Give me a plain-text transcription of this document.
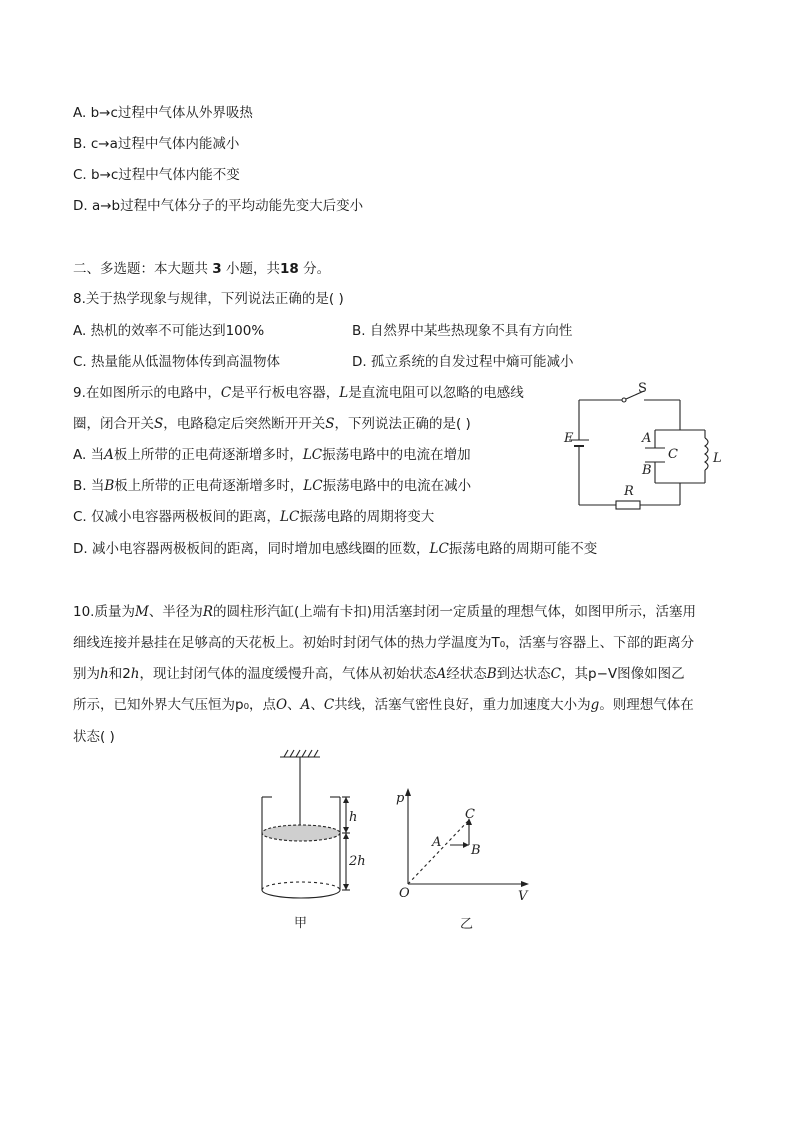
A. b→c过程中气体从外界吸热
B. c→a过程中气体内能减小
C. b→c过程中气体内能不变
D. a→b过程中气体分子的平均动能先变大后变小
二、多选题：本大题共 3 小题，共18 分。
8.关于热学现象与规律，下列说法正确的是( )
A. 热机的效率不可能达到100%	B. 自然界中某些热现象不具有方向性
C. 热量能从低温物体传到高温物体	D. 孤立系统的自发过程中熵可能减小
9.在如图所示的电路中，C是平行板电容器，L是直流电阻可以忽略的电感线
圈，闭合开关S，电路稳定后突然断开开关S，下列说法正确的是( )
A. 当A板上所带的正电荷逐渐增多时，LC振荡电路中的电流在增加
B. 当B板上所带的正电荷逐渐增多时，LC振荡电路中的电流在减小
C. 仅减小电容器两极板间的距离，LC振荡电路的周期将变大
D. 减小电容器两极板间的距离，同时增加电感线圈的匝数，LC振荡电路的周期可能不变
S
E	A
C
B
L
R
10.质量为M、半径为R的圆柱形汽缸(上端有卡扣)用活塞封闭一定质量的理想气体，如图甲所示，活塞用
细线连接并悬挂在足够高的天花板上。初始时封闭气体的热力学温度为T₀，活塞与容器上、下部的距离分
别为h和2h，现让封闭气体的温度缓慢升高，气体从初始状态A经状态B到达状态C，其p−V图像如图乙
所示，已知外界大气压恒为p₀，点O、A、C共线，活塞气密性良好，重力加速度大小为g。则理想气体在
状态( )
h
2h
甲
p
V
O
A
B
C
乙
